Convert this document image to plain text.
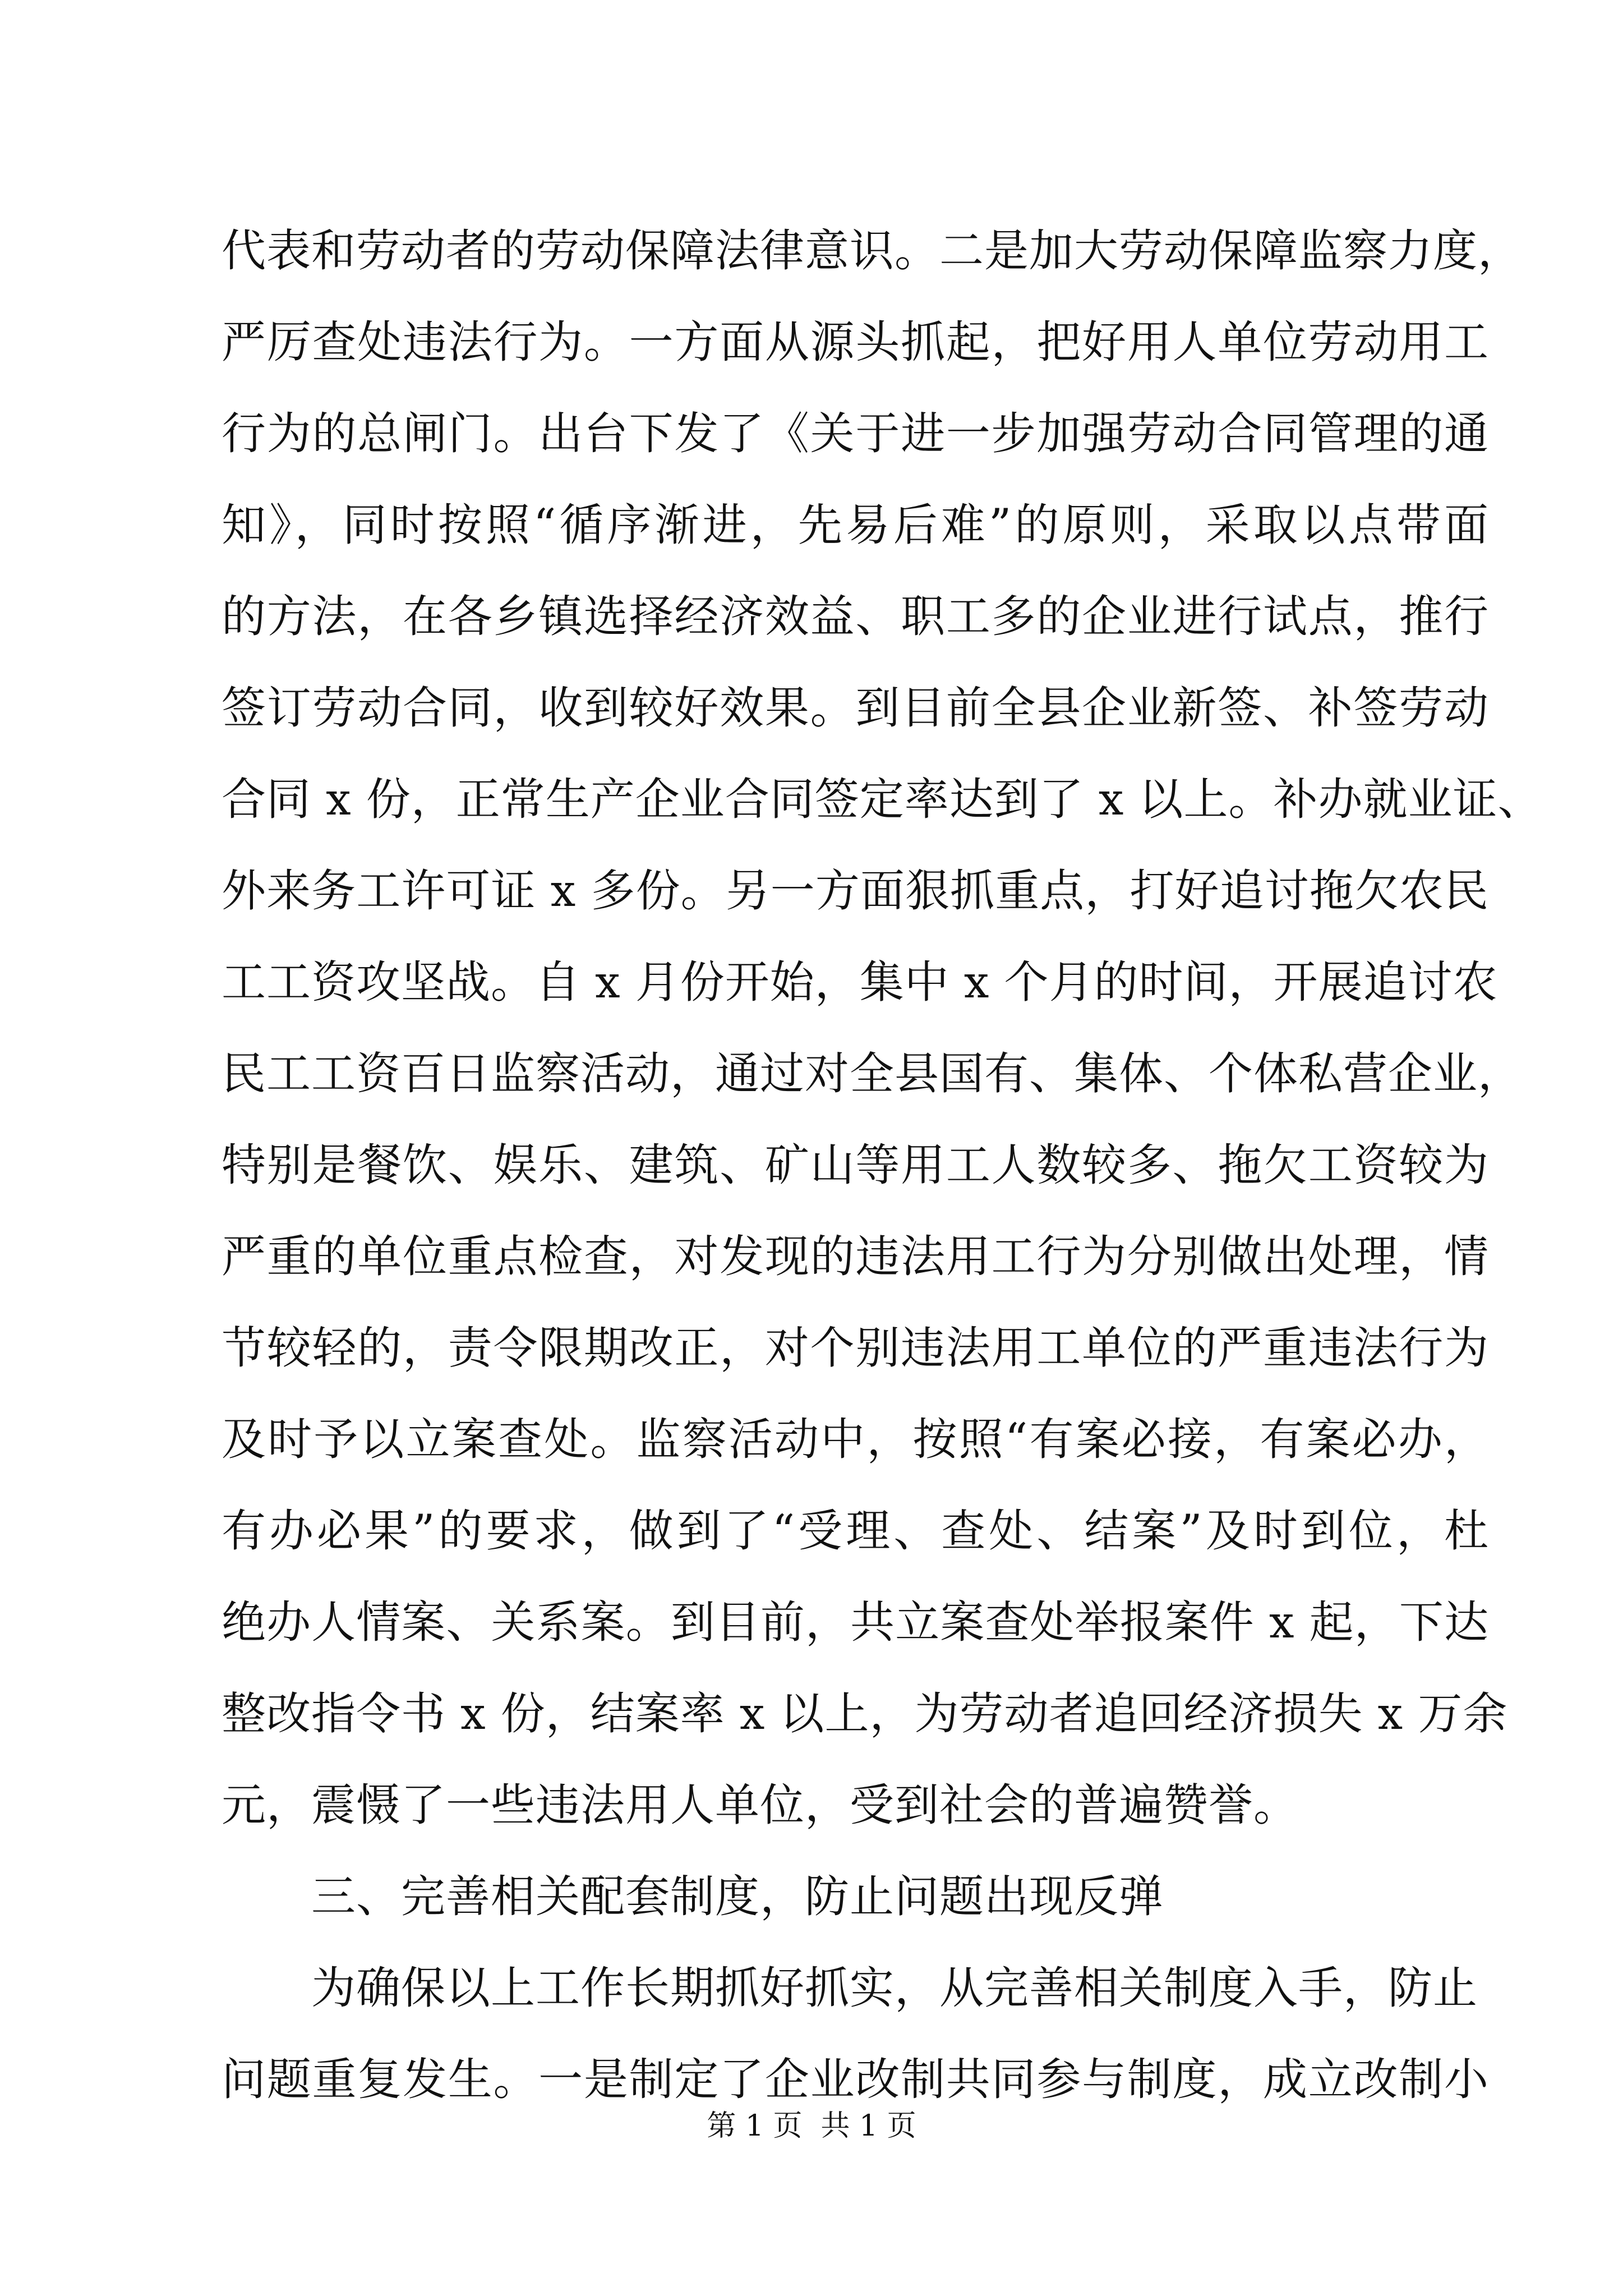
代表和劳动者的劳动保障法律意识。二是加大劳动保障监察力度，
严厉查处违法行为。一方面从源头抓起，把好用人单位劳动用工
行为的总闸门。出台下发了《关于进一步加强劳动合同管理的通
知》，同时按照“循序渐进，先易后难”的原则，采取以点带面
的方法，在各乡镇选择经济效益、职工多的企业进行试点，推行
签订劳动合同，收到较好效果。到目前全县企业新签、补签劳动
合同 x 份，正常生产企业合同签定率达到了 x 以上。补办就业证、
外来务工许可证 x 多份。另一方面狠抓重点，打好追讨拖欠农民
工工资攻坚战。自 x 月份开始，集中 x 个月的时间，开展追讨农
民工工资百日监察活动，通过对全县国有、集体、个体私营企业，
特别是餐饮、娱乐、建筑、矿山等用工人数较多、拖欠工资较为
严重的单位重点检查，对发现的违法用工行为分别做出处理，情
节较轻的，责令限期改正，对个别违法用工单位的严重违法行为
及时予以立案查处。监察活动中，按照“有案必接，有案必办，
有办必果”的要求，做到了“受理、查处、结案”及时到位，杜
绝办人情案、关系案。到目前，共立案查处举报案件 x 起，下达
整改指令书 x 份，结案率 x 以上，为劳动者追回经济损失 x 万余
元，震慑了一些违法用人单位，受到社会的普遍赞誉。
三、完善相关配套制度，防止问题出现反弹
为确保以上工作长期抓好抓实，从完善相关制度入手，防止
问题重复发生。一是制定了企业改制共同参与制度，成立改制小
第 1 页  共 1 页
